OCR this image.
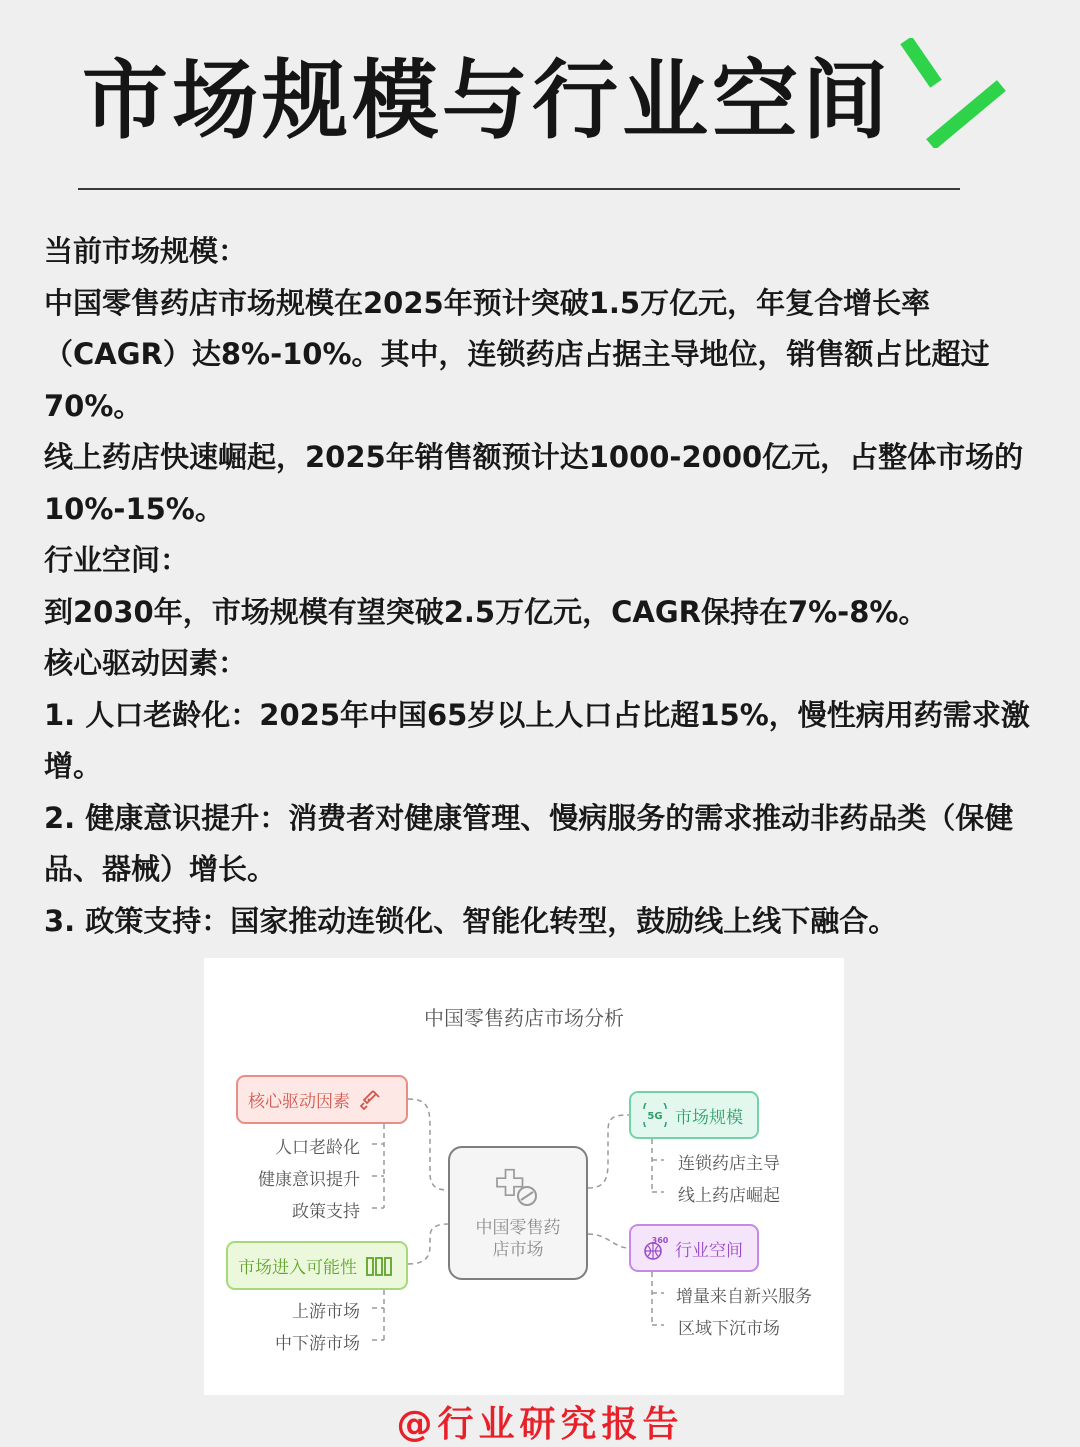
市场规模与行业空间

当前市场规模：

中国零售药店市场规模在2025年预计突破1.5万亿元，年复合增长率（CAGR）达8%-10%。其中，连锁药店占据主导地位，销售额占比超过70%。

线上药店快速崛起，2025年销售额预计达1000-2000亿元，占整体市场的10%-15%。

行业空间：

到2030年，市场规模有望突破2.5万亿元，CAGR保持在7%-8%。

核心驱动因素：

1. 人口老龄化：2025年中国65岁以上人口占比超15%，慢性病用药需求激增。

2. 健康意识提升：消费者对健康管理、慢病服务的需求推动非药品类（保健品、器械）增长。

3. 政策支持：国家推动连锁化、智能化转型，鼓励线上线下融合。

中国零售药店市场分析
核心驱动因素
市场进入可能性
5G 市场规模
360 行业空间
中国零售药店市场
人口老龄化
健康意识提升
政策支持
上游市场
中下游市场
连锁药店主导
线上药店崛起
增量来自新兴服务
区域下沉市场
@行业研究报告
